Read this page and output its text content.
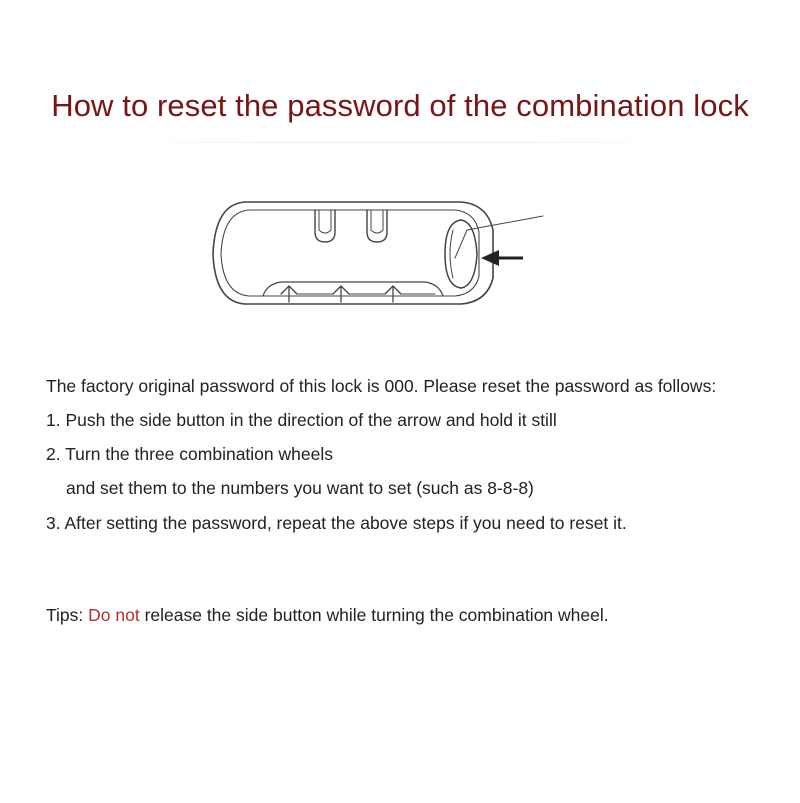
How to reset the password of the combination lock
The factory original password of this lock is 000. Please reset the password as follows:
1. Push the side button in the direction of the arrow and hold it still
2. Turn the three combination wheels
and set them to the numbers you want to set (such as 8-8-8)
3. After setting the password, repeat the above steps if you need to reset it.
Tips: Do not release the side button while turning the combination wheel.
